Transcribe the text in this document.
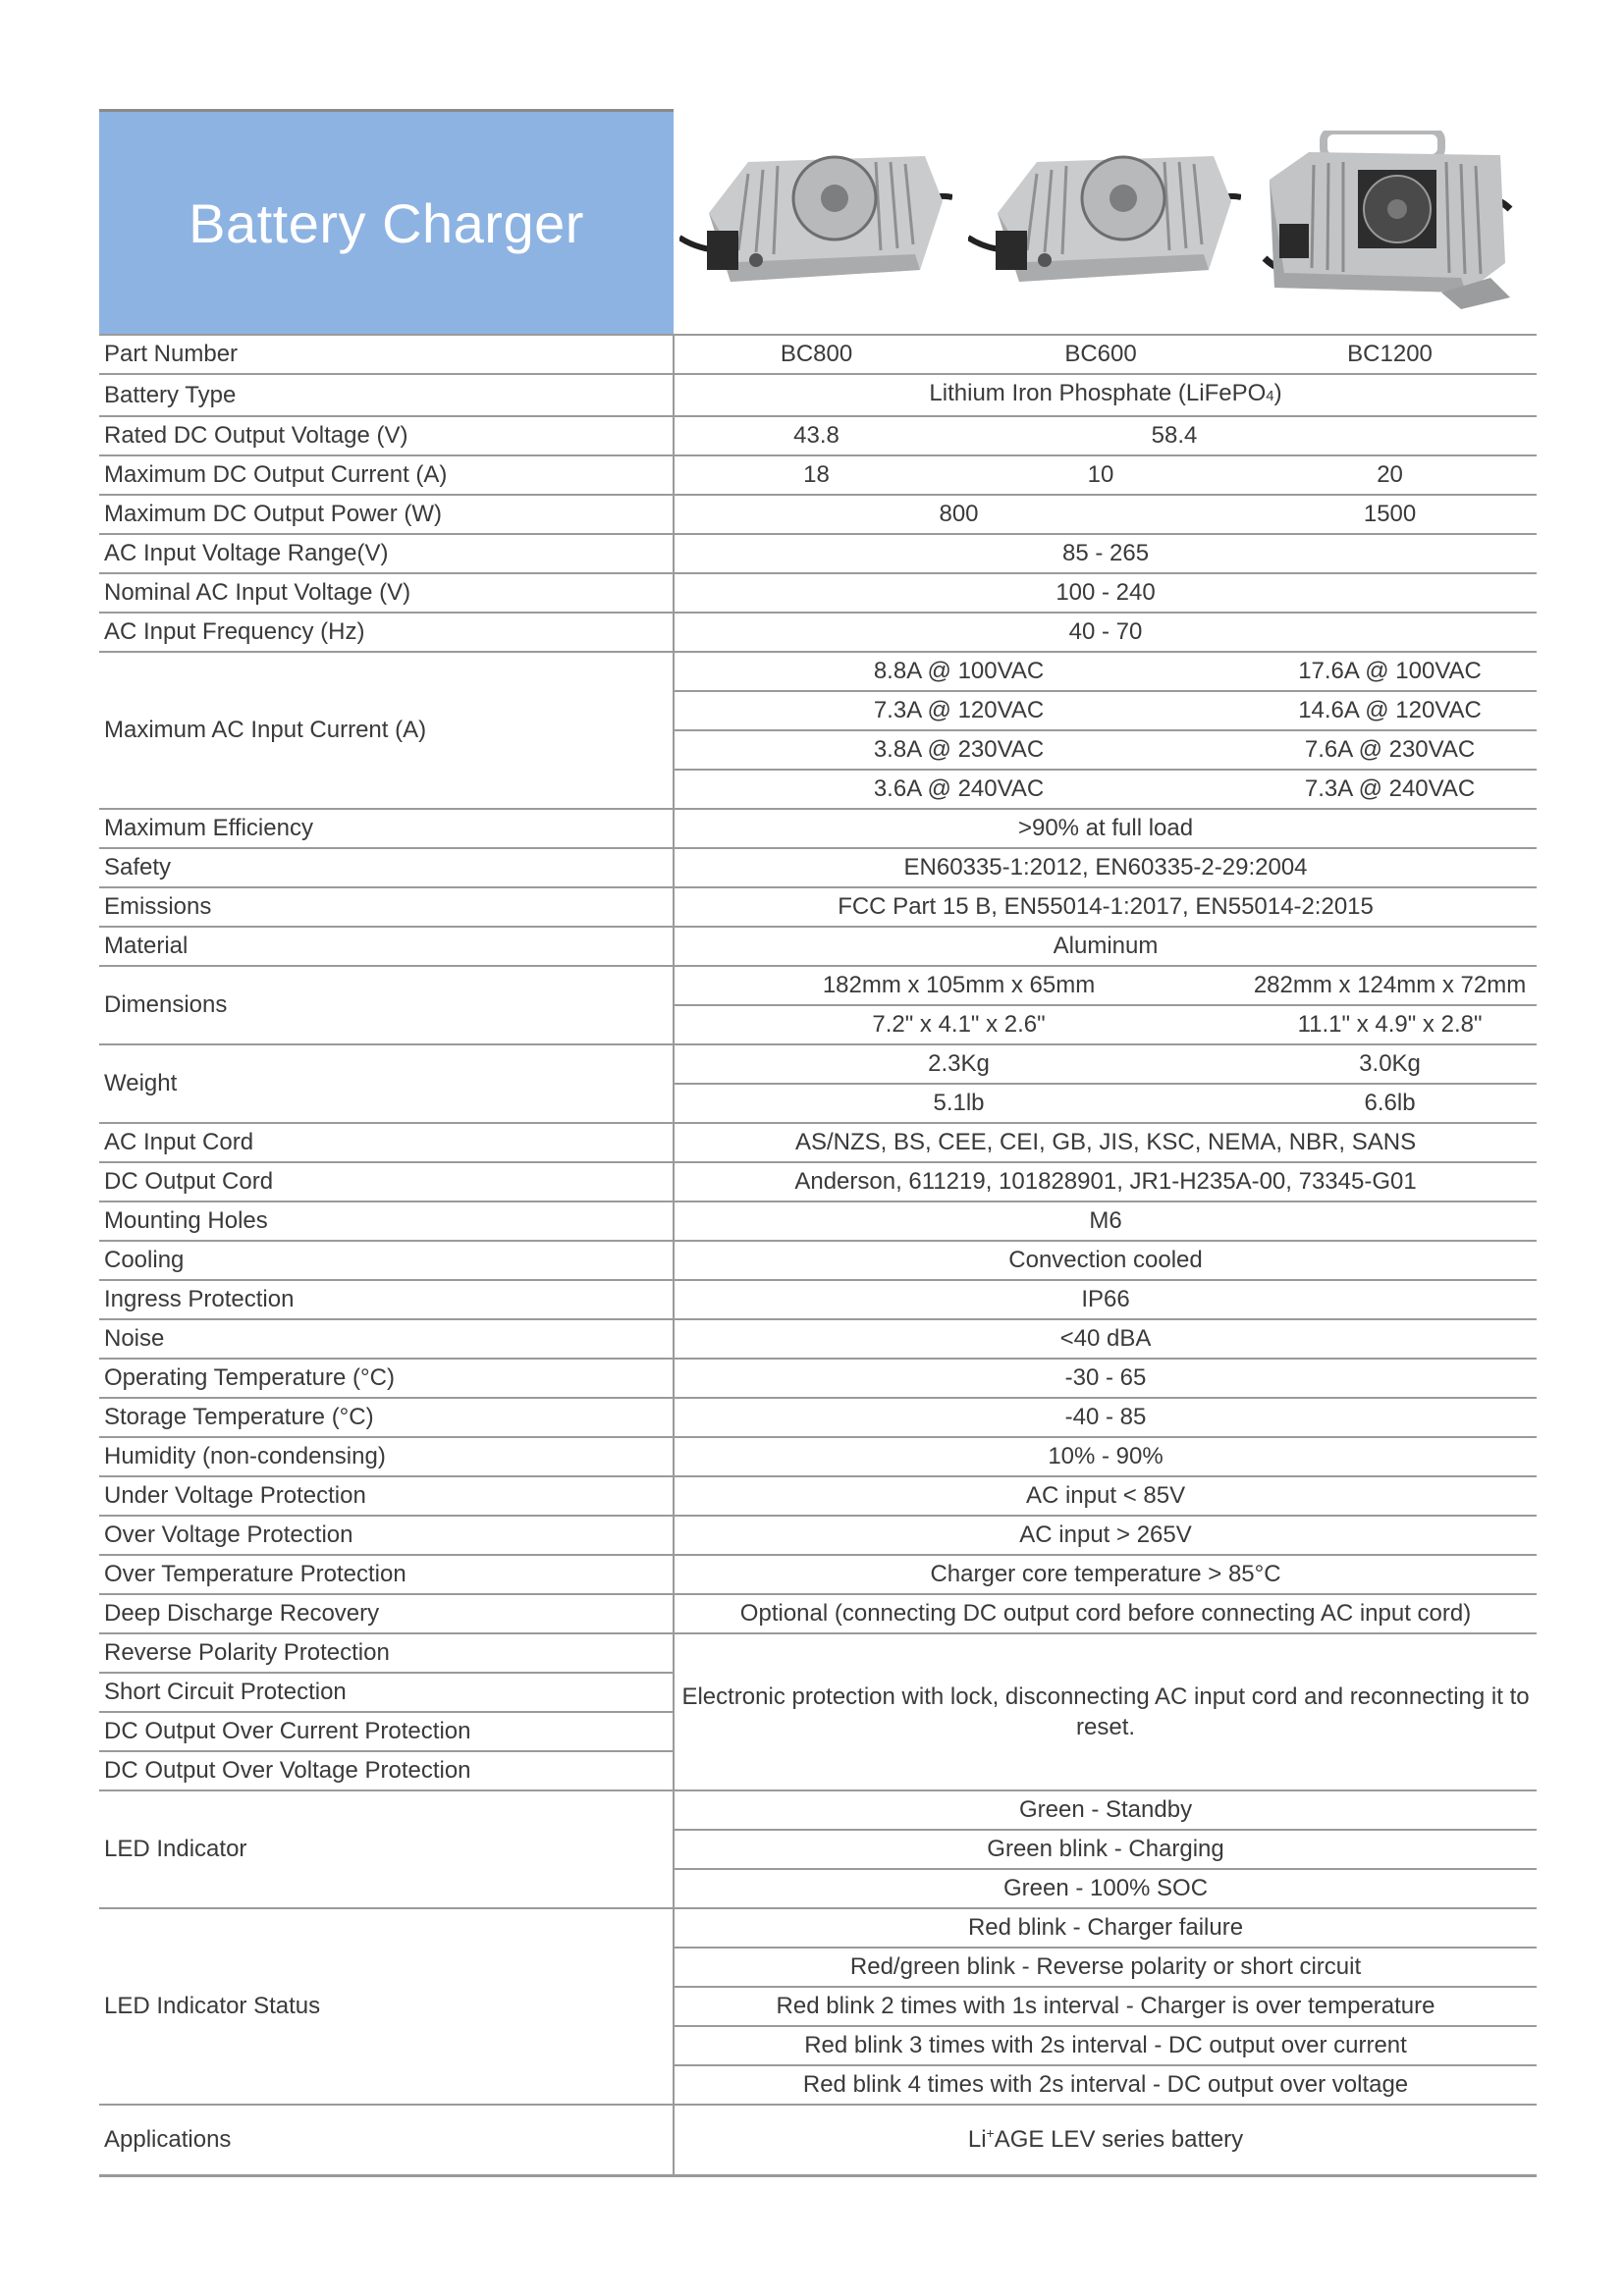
Battery Charger
Part Number	BC800	BC600	BC1200	
Battery Type	Lithium Iron Phosphate (LiFePO4)			
Rated DC Output Voltage (V)	43.8	58.4		
Maximum DC Output Current (A)	18	10	20	
Maximum DC Output Power (W)	800		1500	
AC Input Voltage Range(V)	85 - 265			
Nominal AC Input Voltage (V)	100 - 240			
AC Input Frequency (Hz)	40 - 70			
Maximum AC Input Current (A)	8.8A @ 100VAC		17.6A @ 100VAC	
	7.3A @ 120VAC		14.6A @ 120VAC	
	3.8A @ 230VAC		7.6A @ 230VAC	
	3.6A @ 240VAC		7.3A @ 240VAC	
Maximum Efficiency	>90% at full load			
Safety	EN60335-1:2012, EN60335-2-29:2004			
Emissions	FCC Part 15 B, EN55014-1:2017, EN55014-2:2015			
Material	Aluminum			
Dimensions	182mm x 105mm x 65mm		282mm x 124mm x 72mm	
	7.2" x 4.1" x 2.6"		11.1" x 4.9" x 2.8"	
Weight	2.3Kg		3.0Kg	
	5.1lb		6.6lb	
AC Input Cord	AS/NZS, BS, CEE, CEI, GB, JIS, KSC, NEMA, NBR, SANS			
DC Output Cord	Anderson, 611219, 101828901, JR1-H235A-00, 73345-G01			
Mounting Holes	M6			
Cooling	Convection cooled			
Ingress Protection	IP66			
Noise	<40 dBA			
Operating Temperature (°C)	-30 - 65			
Storage Temperature (°C)	-40 - 85			
Humidity (non-condensing)	10% - 90%			
Under Voltage Protection	AC input < 85V			
Over Voltage Protection	AC input > 265V			
Over Temperature Protection	Charger core temperature > 85°C			
Deep Discharge Recovery	Optional (connecting DC output cord before connecting AC input cord)			
Reverse Polarity Protection	Electronic protection with lock, disconnecting AC input cord and reconnecting it to reset.			
Short Circuit Protection				
DC Output Over Current Protection				
DC Output Over Voltage Protection				
LED Indicator	Green - Standby			
	Green blink - Charging			
	Green - 100% SOC			
LED Indicator Status	Red blink - Charger failure			
	Red/green blink - Reverse polarity or short circuit			
	Red blink 2 times with 1s interval - Charger is over temperature			
	Red blink 3 times with 2s interval - DC output over current			
	Red blink 4 times with 2s interval - DC output over voltage			
Applications	Li+AGE LEV series battery			
